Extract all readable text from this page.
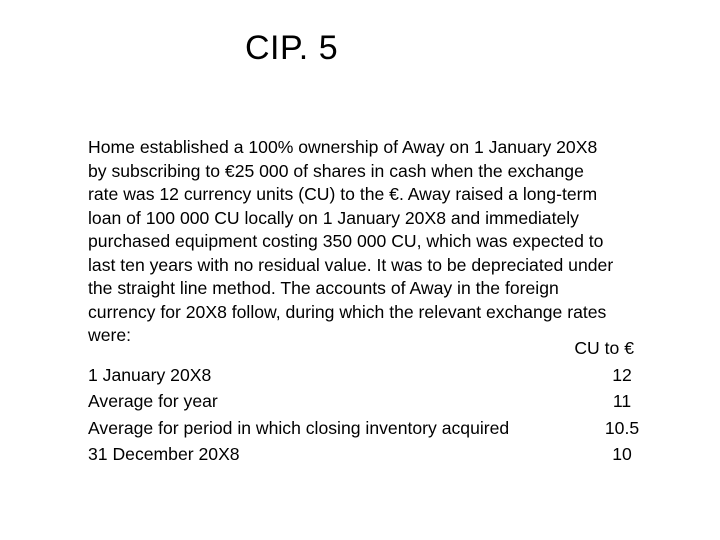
CIP. 5
Home established a 100% ownership of Away on 1 January 20X8
by subscribing to €25 000 of shares in cash when the exchange
rate was 12 currency units (CU) to the €. Away raised a long-term
loan of 100 000 CU locally on 1 January 20X8 and immediately
purchased equipment costing 350 000 CU, which was expected to
last ten years with no residual value. It was to be depreciated under
the straight line method. The accounts of Away in the foreign
currency for 20X8 follow, during which the relevant exchange rates
were:
CU to €
1 January 20X8	12
Average for year	11
Average for period in which closing inventory acquired	10.5
31 December 20X8	10
